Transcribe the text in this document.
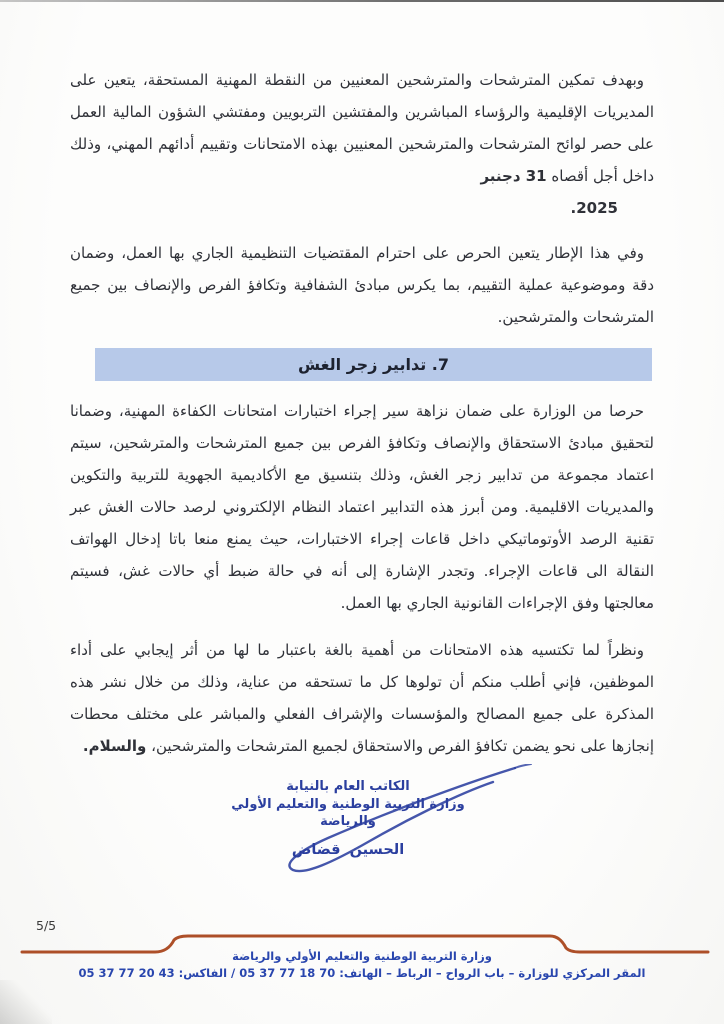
وبهدف تمكين المترشحات والمترشحين المعنيين من النقطة المهنية المستحقة، يتعين على المديريات الإقليمية والرؤساء المباشرين والمفتشين التربويين ومفتشي الشؤون المالية العمل على حصر لوائح المترشحات والمترشحين المعنيين بهذه الامتحانات وتقييم أدائهم المهني، وذلك داخل أجل أقصاه 31 دجنبر

2025.

وفي هذا الإطار يتعين الحرص على احترام المقتضيات التنظيمية الجاري بها العمل، وضمان دقة وموضوعية عملية التقييم، بما يكرس مبادئ الشفافية وتكافؤ الفرص والإنصاف بين جميع المترشحات والمترشحين.

7. تدابير زجر الغش

حرصا من الوزارة على ضمان نزاهة سير إجراء اختبارات امتحانات الكفاءة المهنية، وضمانا لتحقيق مبادئ الاستحقاق والإنصاف وتكافؤ الفرص بين جميع المترشحات والمترشحين، سيتم اعتماد مجموعة من تدابير زجر الغش، وذلك بتنسيق مع الأكاديمية الجهوية للتربية والتكوين والمديريات الاقليمية. ومن أبرز هذه التدابير اعتماد النظام الإلكتروني لرصد حالات الغش عبر تقنية الرصد الأوتوماتيكي داخل قاعات إجراء الاختبارات، حيث يمنع منعا باتا إدخال الهواتف النقالة الى قاعات الإجراء. وتجدر الإشارة إلى أنه في حالة ضبط أي حالات غش، فسيتم معالجتها وفق الإجراءات القانونية الجاري بها العمل.

ونظراً لما تكتسيه هذه الامتحانات من أهمية بالغة باعتبار ما لها من أثر إيجابي على أداء الموظفين، فإني أطلب منكم أن تولوها كل ما تستحقه من عناية، وذلك من خلال نشر هذه المذكرة على جميع المصالح والمؤسسات والإشراف الفعلي والمباشر على مختلف محطات إنجازها على نحو يضمن تكافؤ الفرص والاستحقاق لجميع المترشحات والمترشحين، والسلام.

الكاتب العام بالنيابة
وزارة التربية الوطنية والتعليم الأولي
والرياضة
الحسين قضاض
5/5
وزارة التربية الوطنية والتعليم الأولي والرياضة
المقر المركزي للوزارة – باب الرواح – الرباط – الهاتف: 05 37 77 18 70 / الفاكس: 05 37 77 20 43
